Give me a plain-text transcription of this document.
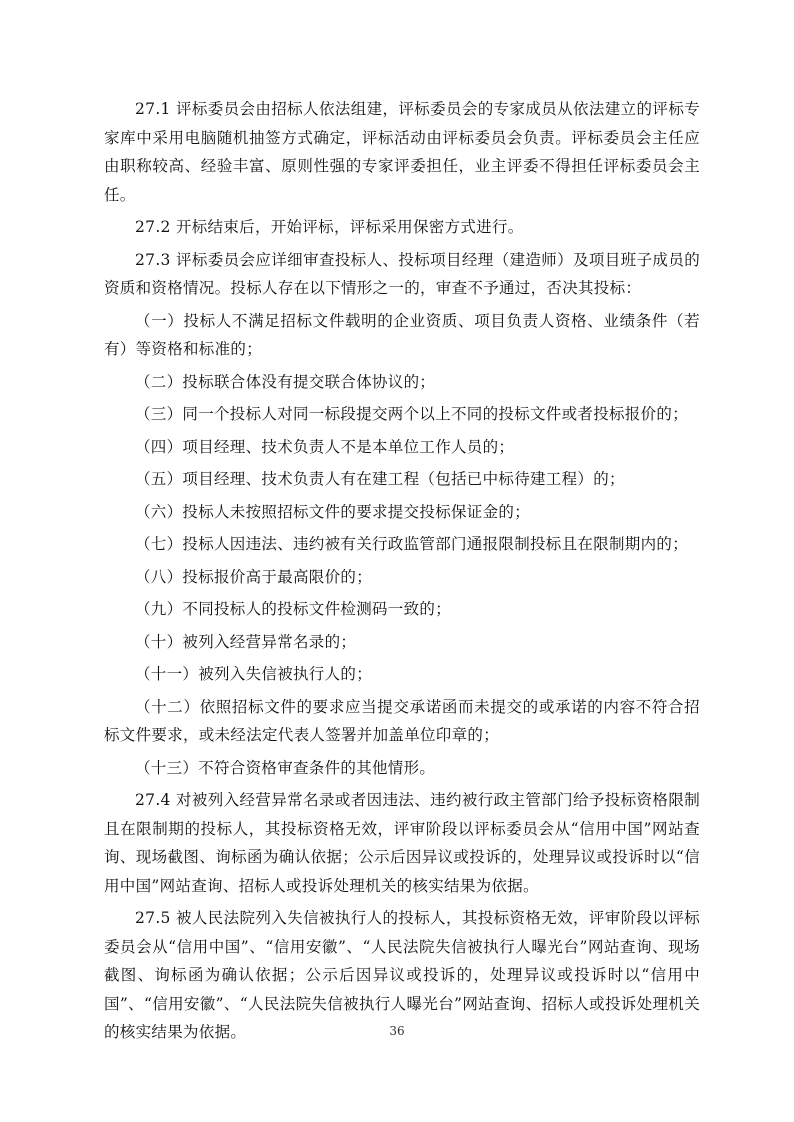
27.1 评标委员会由招标人依法组建，评标委员会的专家成员从依法建立的评标专家库中采用电脑随机抽签方式确定，评标活动由评标委员会负责。评标委员会主任应由职称较高、经验丰富、原则性强的专家评委担任，业主评委不得担任评标委员会主任。

27.2 开标结束后，开始评标，评标采用保密方式进行。

27.3 评标委员会应详细审查投标人、投标项目经理（建造师）及项目班子成员的资质和资格情况。投标人存在以下情形之一的，审查不予通过，否决其投标：

（一）投标人不满足招标文件载明的企业资质、项目负责人资格、业绩条件（若有）等资格和标准的；

（二）投标联合体没有提交联合体协议的；

（三）同一个投标人对同一标段提交两个以上不同的投标文件或者投标报价的；

（四）项目经理、技术负责人不是本单位工作人员的；

（五）项目经理、技术负责人有在建工程（包括已中标待建工程）的；

（六）投标人未按照招标文件的要求提交投标保证金的；

（七）投标人因违法、违约被有关行政监管部门通报限制投标且在限制期内的；

（八）投标报价高于最高限价的；

（九）不同投标人的投标文件检测码一致的；

（十）被列入经营异常名录的；

（十一）被列入失信被执行人的；

（十二）依照招标文件的要求应当提交承诺函而未提交的或承诺的内容不符合招标文件要求，或未经法定代表人签署并加盖单位印章的；

（十三）不符合资格审查条件的其他情形。

27.4 对被列入经营异常名录或者因违法、违约被行政主管部门给予投标资格限制且在限制期的投标人，其投标资格无效，评审阶段以评标委员会从“信用中国”网站查询、现场截图、询标函为确认依据；公示后因异议或投诉的，处理异议或投诉时以“信用中国”网站查询、招标人或投诉处理机关的核实结果为依据。

27.5 被人民法院列入失信被执行人的投标人，其投标资格无效，评审阶段以评标委员会从“信用中国”、“信用安徽”、“人民法院失信被执行人曝光台”网站查询、现场截图、询标函为确认依据；公示后因异议或投诉的，处理异议或投诉时以“信用中国”、“信用安徽”、“人民法院失信被执行人曝光台”网站查询、招标人或投诉处理机关的核实结果为依据。	36
